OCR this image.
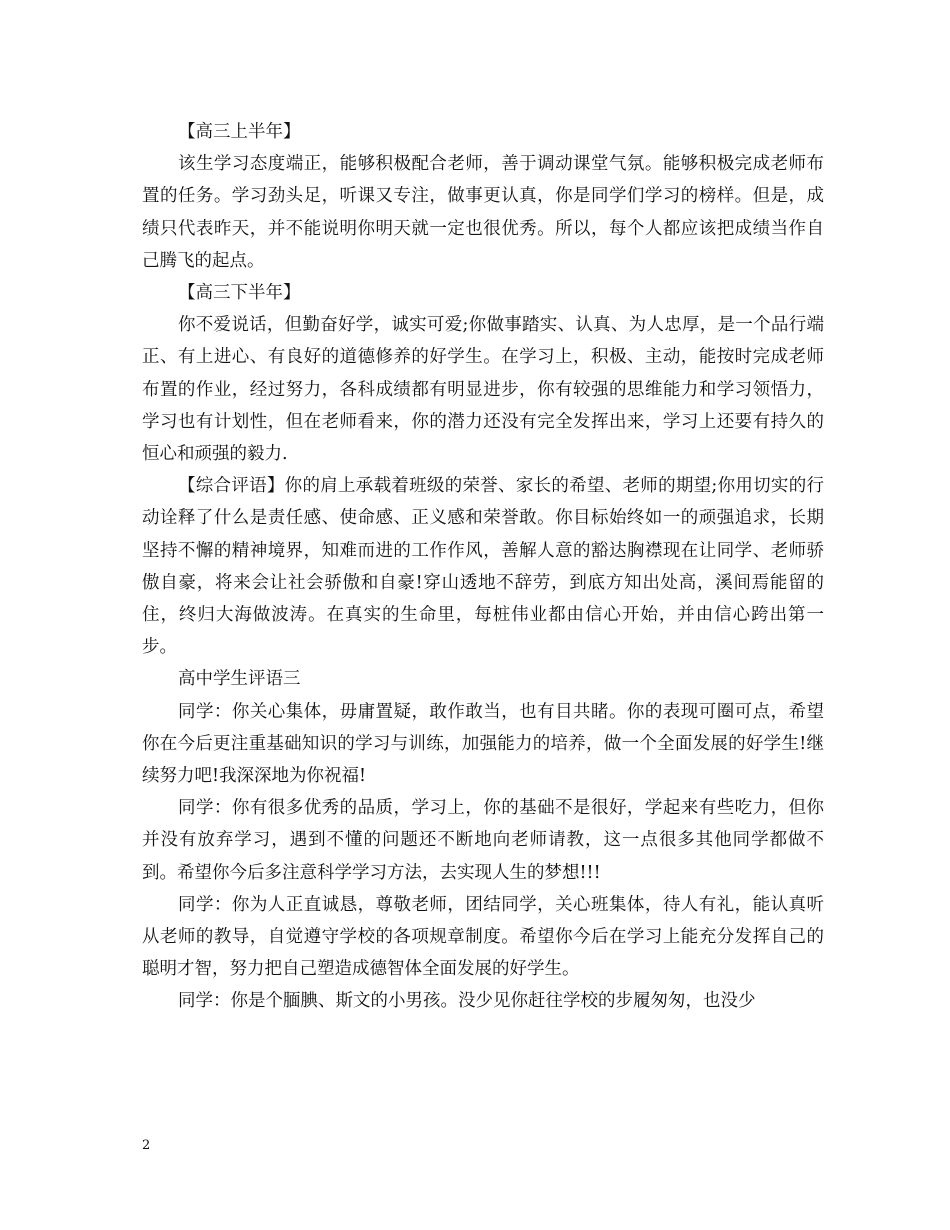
【高三上半年】

该生学习态度端正，能够积极配合老师，善于调动课堂气氛。能够积极完成老师布置的任务。学习劲头足，听课又专注，做事更认真，你是同学们学习的榜样。但是，成绩只代表昨天，并不能说明你明天就一定也很优秀。所以，每个人都应该把成绩当作自己腾飞的起点。

【高三下半年】

你不爱说话，但勤奋好学，诚实可爱;你做事踏实、认真、为人忠厚，是一个品行端正、有上进心、有良好的道德修养的好学生。在学习上，积极、主动，能按时完成老师布置的作业，经过努力，各科成绩都有明显进步，你有较强的思维能力和学习领悟力，学习也有计划性，但在老师看来，你的潜力还没有完全发挥出来，学习上还要有持久的恒心和顽强的毅力.

【综合评语】你的肩上承载着班级的荣誉、家长的希望、老师的期望;你用切实的行动诠释了什么是责任感、使命感、正义感和荣誉敢。你目标始终如一的顽强追求，长期坚持不懈的精神境界，知难而进的工作作风，善解人意的豁达胸襟现在让同学、老师骄傲自豪，将来会让社会骄傲和自豪!穿山透地不辞劳，到底方知出处高，溪间焉能留的住，终归大海做波涛。在真实的生命里，每桩伟业都由信心开始，并由信心跨出第一步。

高中学生评语三

同学：你关心集体，毋庸置疑，敢作敢当，也有目共睹。你的表现可圈可点，希望你在今后更注重基础知识的学习与训练，加强能力的培养，做一个全面发展的好学生!继续努力吧!我深深地为你祝福!

同学：你有很多优秀的品质，学习上，你的基础不是很好，学起来有些吃力，但你并没有放弃学习，遇到不懂的问题还不断地向老师请教，这一点很多其他同学都做不到。希望你今后多注意科学学习方法，去实现人生的梦想!!!

同学：你为人正直诚恳，尊敬老师，团结同学，关心班集体，待人有礼，能认真听从老师的教导，自觉遵守学校的各项规章制度。希望你今后在学习上能充分发挥自己的聪明才智，努力把自己塑造成德智体全面发展的好学生。

同学：你是个腼腆、斯文的小男孩。没少见你赶往学校的步履匆匆，也没少

2
